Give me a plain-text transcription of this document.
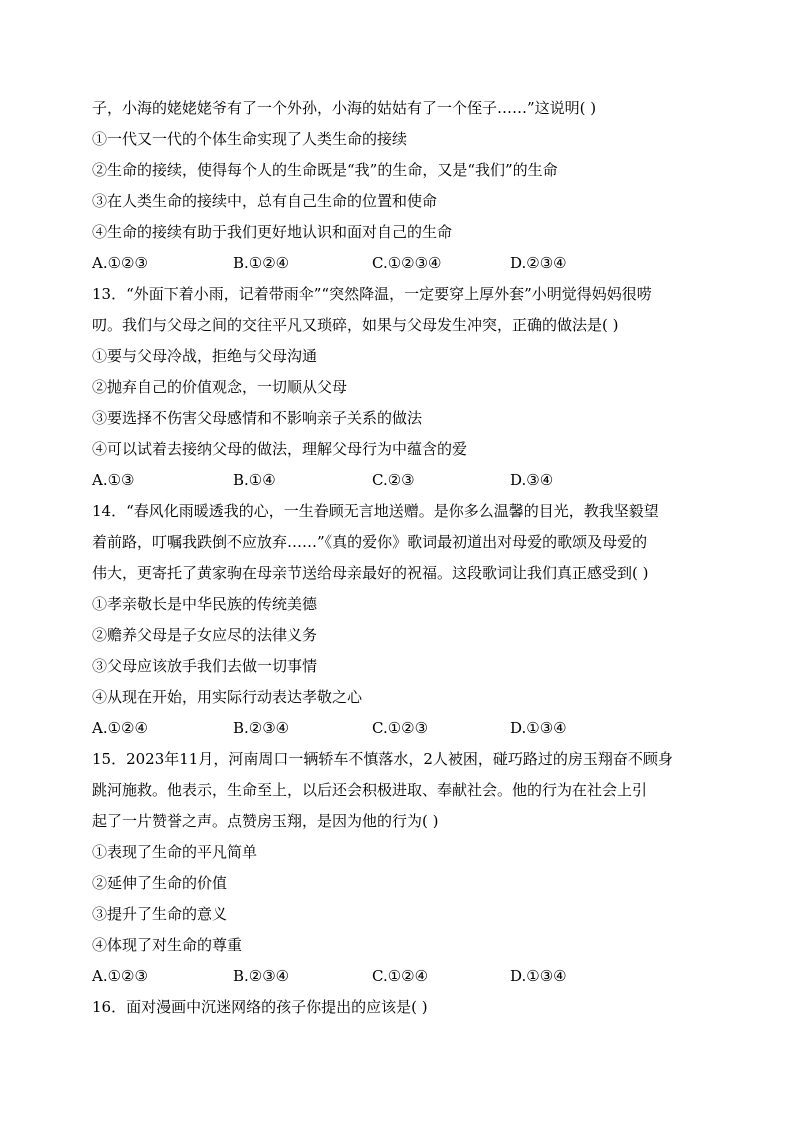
子，小海的姥姥姥爷有了一个外孙，小海的姑姑有了一个侄子……”这说明( )
①一代又一代的个体生命实现了人类生命的接续
②生命的接续，使得每个人的生命既是“我”的生命，又是“我们”的生命
③在人类生命的接续中，总有自己生命的位置和使命
④生命的接续有助于我们更好地认识和面对自己的生命
A.①②③	B.①②④	C.①②③④	D.②③④
13．“外面下着小雨，记着带雨伞”“突然降温，一定要穿上厚外套”小明觉得妈妈很唠
叨。我们与父母之间的交往平凡又琐碎，如果与父母发生冲突，正确的做法是( )
①要与父母冷战，拒绝与父母沟通
②抛弃自己的价值观念，一切顺从父母
③要选择不伤害父母感情和不影响亲子关系的做法
④可以试着去接纳父母的做法，理解父母行为中蕴含的爱
A.①③	B.①④	C.②③	D.③④
14．“春风化雨暖透我的心，一生眷顾无言地送赠。是你多么温馨的目光，教我坚毅望
着前路，叮嘱我跌倒不应放弃……”《真的爱你》歌词最初道出对母爱的歌颂及母爱的
伟大，更寄托了黄家驹在母亲节送给母亲最好的祝福。这段歌词让我们真正感受到( )
①孝亲敬长是中华民族的传统美德
②赡养父母是子女应尽的法律义务
③父母应该放手我们去做一切事情
④从现在开始，用实际行动表达孝敬之心
A.①②④	B.②③④	C.①②③	D.①③④
15．2023年11月，河南周口一辆轿车不慎落水，2人被困，碰巧路过的房玉翔奋不顾身
跳河施救。他表示，生命至上，以后还会积极进取、奉献社会。他的行为在社会上引
起了一片赞誉之声。点赞房玉翔，是因为他的行为( )
①表现了生命的平凡简单
②延伸了生命的价值
③提升了生命的意义
④体现了对生命的尊重
A.①②③	B.②③④	C.①②④	D.①③④
16．面对漫画中沉迷网络的孩子你提出的应该是( )
